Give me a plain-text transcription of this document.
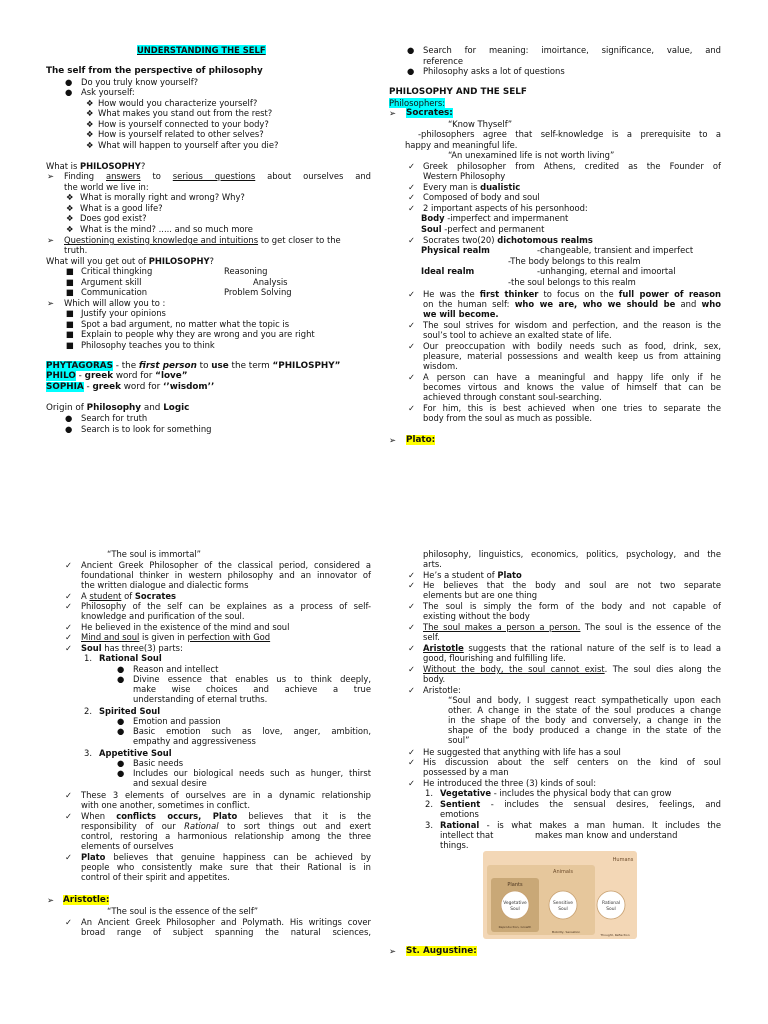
UNDERSTANDING THE SELF
The self from the perspective of philosophy
● Do you truly know yourself?
● Ask yourself:
❖ How would you characterize yourself?
❖ What makes you stand out from the rest?
❖ How is yourself connected to your body?
❖ How is yourself related to other selves?
❖ What will happen to yourself after you die?
What is PHILOSOPHY?
➢ Finding answers to serious questions about ourselves and
the world we live in:
❖ What is morally right and wrong? Why?
❖ What is a good life?
❖ Does god exist?
❖ What is the mind? ..... and so much more
➢ Questioning existing knowledge and intuitions to get closer to the
truth.
What will you get out of PHILOSOPHY?
■ Critical thingking	Reasoning
■ Argument skill	Analysis
■ Communication	Problem Solving
➢ Which will allow you to :
■ Justify your opinions
■ Spot a bad argument, no matter what the topic is
■ Explain to people why they are wrong and you are right
■ Philosophy teaches you to think
PHYTAGORAS - the first person to use the term “PHILOSPHY”
PHILO - greek word for “love”
SOPHIA - greek word for ‘’wisdom’’
Origin of Philosophy and Logic
● Search for truth
● Search is to look for something
● Search for meaning: imoirtance, significance, value, and
reference
● Philosophy asks a lot of questions
PHILOSOPHY AND THE SELF
Philosophers:
➢ Socrates:
“Know Thyself”
-philosophers agree that self-knowledge is a prerequisite to a
happy and meaningful life.
“An unexamined life is not worth living”
✓ Greek philosopher from Athens, credited as the Founder of
Western Philosophy
✓ Every man is dualistic
✓ Composed of body and soul
✓ 2 important aspects of his personhood:
Body -imperfect and impermanent
Soul -perfect and permanent
✓ Socrates two(20) dichotomous realms
Physical realm	-changeable, transient and imperfect
-The body belongs to this realm
Ideal realm	-unhanging, eternal and imoortal
-the soul belongs to this realm
✓ He was the first thinker to focus on the full power of reason
on the human self: who we are, who we should be and who
we will become.
✓ The soul strives for wisdom and perfection, and the reason is the
soul’s tool to achieve an exalted state of life.
✓ Our preoccupation with bodily needs such as food, drink, sex,
pleasure, material possessions and wealth keep us from attaining
wisdom.
✓ A person can have a meaningful and happy life only if he
becomes virtous and knows the value of himself that can be
achieved through constant soul-searching.
✓ For him, this is best achieved when one tries to separate the
body from the soul as much as possible.
➢ Plato:
“The soul is immortal”
✓ Ancient Greek Philosopher of the classical period, considered a
foundational thinker in western philosophy and an innovator of
the written dialogue and dialectic forms
✓ A student of Socrates
✓ Philosophy of the self can be explaines as a process of self-
knowledge and purification of the soul.
✓ He believed in the existence of the mind and soul
✓ Mind and soul is given in perfection with God
✓ Soul has three(3) parts:
1. Rational Soul
● Reason and intellect
● Divine essence that enables us to think deeply,
make wise choices and achieve a true
understanding of eternal truths.
2. Spirited Soul
● Emotion and passion
● Basic emotion such as love, anger, ambition,
empathy and aggressiveness
3. Appetitive Soul
● Basic needs
● Includes our biological needs such as hunger, thirst
and sexual desire
✓ These 3 elements of ourselves are in a dynamic relationship
with one another, sometimes in conflict.
✓ When conflicts occurs, Plato believes that it is the
responsibility of our Rational to sort things out and exert
control, restoring a harmonious relationship among the three
elements of ourselves
✓ Plato believes that genuine happiness can be achieved by
people who consistently make sure that their Rational is in
control of their spirit and appetites.
➢ Aristotle:
“The soul is the essence of the self”
✓ An Ancient Greek Philosopher and Polymath. His writings cover
broad range of subject spanning the natural sciences,
philosophy, linguistics, economics, politics, psychology, and the
arts.
✓ He’s a student of Plato
✓ He believes that the body and soul are not two separate
elements but are one thing
✓ The soul is simply the form of the body and not capable of
existing without the body
✓ The soul makes a person a person. The soul is the essence of the
self.
✓ Aristotle suggests that the rational nature of the self is to lead a
good, flourishing and fulfilling life.
✓ Without the body, the soul cannot exist. The soul dies along the
body.
✓ Aristotle:
“Soul and body, I suggest react sympathetically upon each
other. A change in the state of the soul produces a change
in the shape of the body and conversely, a change in the
shape of the body produced a change in the state of the
soul”
✓ He suggested that anything with life has a soul
✓ His discussion about the self centers on the kind of soul
possessed by a man
✓ He introduced the three (3) kinds of soul:
1. Vegetative - includes the physical body that can grow
2. Sentient - includes the sensual desires, feelings, and
emotions
3. Rational - is what makes a man human. It includes the
intellect that	makes man know and understand
things.
Humans
Animals
Plants
Vegetative
Soul
Sensitive
Soul
Rational
Soul
Reproduction, Growth
Mobility, Sensation
Thought, Reflection
➢ St. Augustine:
